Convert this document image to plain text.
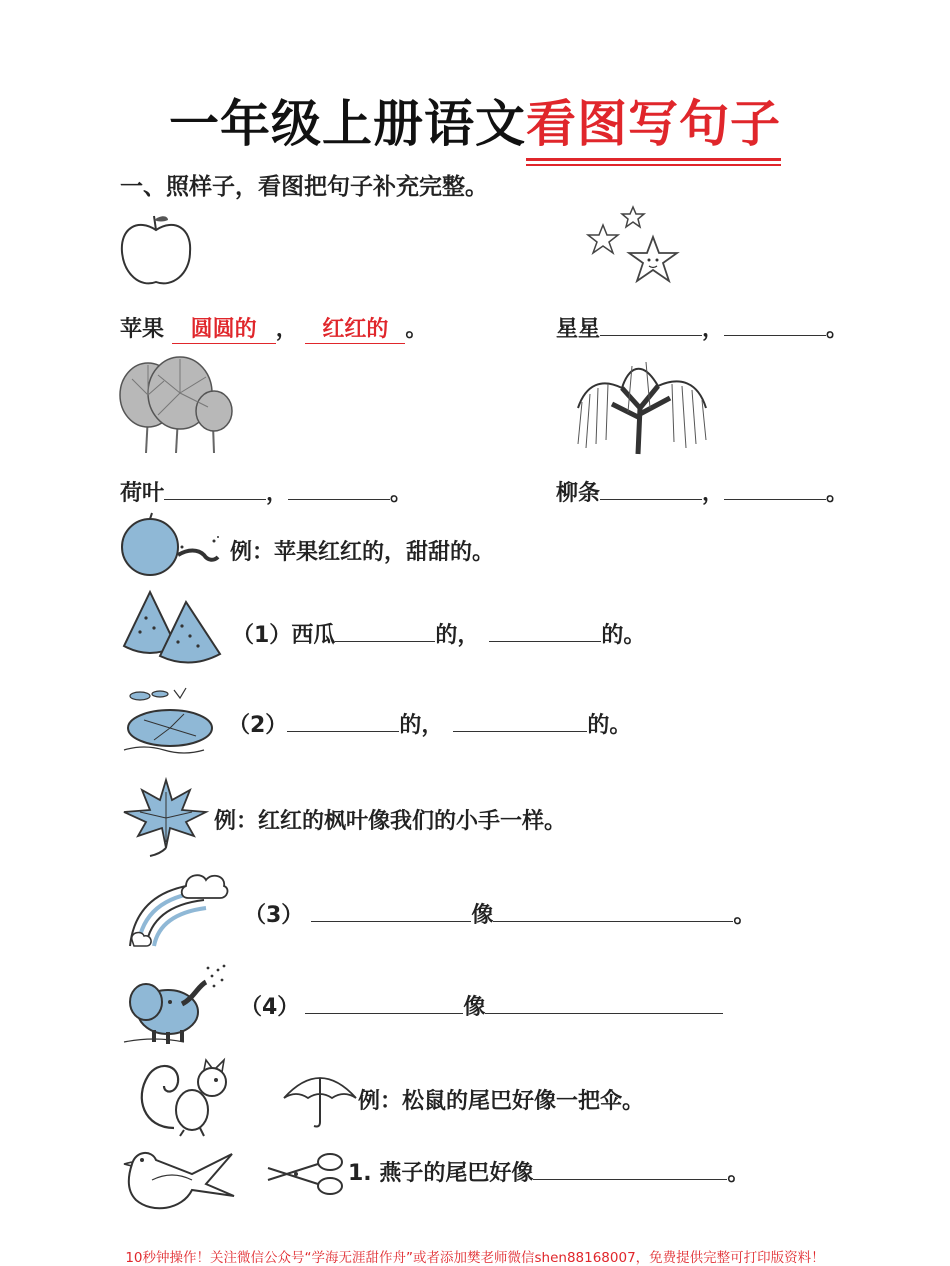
一年级上册语文看图写句子
一、照样子，看图把句子补充完整。
苹果 圆圆的 ， 红红的 。	星星	，	。
荷叶	，	。	柳条	，	。
例：苹果红红的，甜甜的。
（1）西瓜	的，	的。
（2）	的，	的。
例：红红的枫叶像我们的小手一样。
（3）	像	。
（4）	像
例：松鼠的尾巴好像一把伞。
1. 燕子的尾巴好像	。
10秒钟操作！关注微信公众号“学海无涯甜作舟”或者添加樊老师微信shen88168007，免费提供完整可打印版资料！
